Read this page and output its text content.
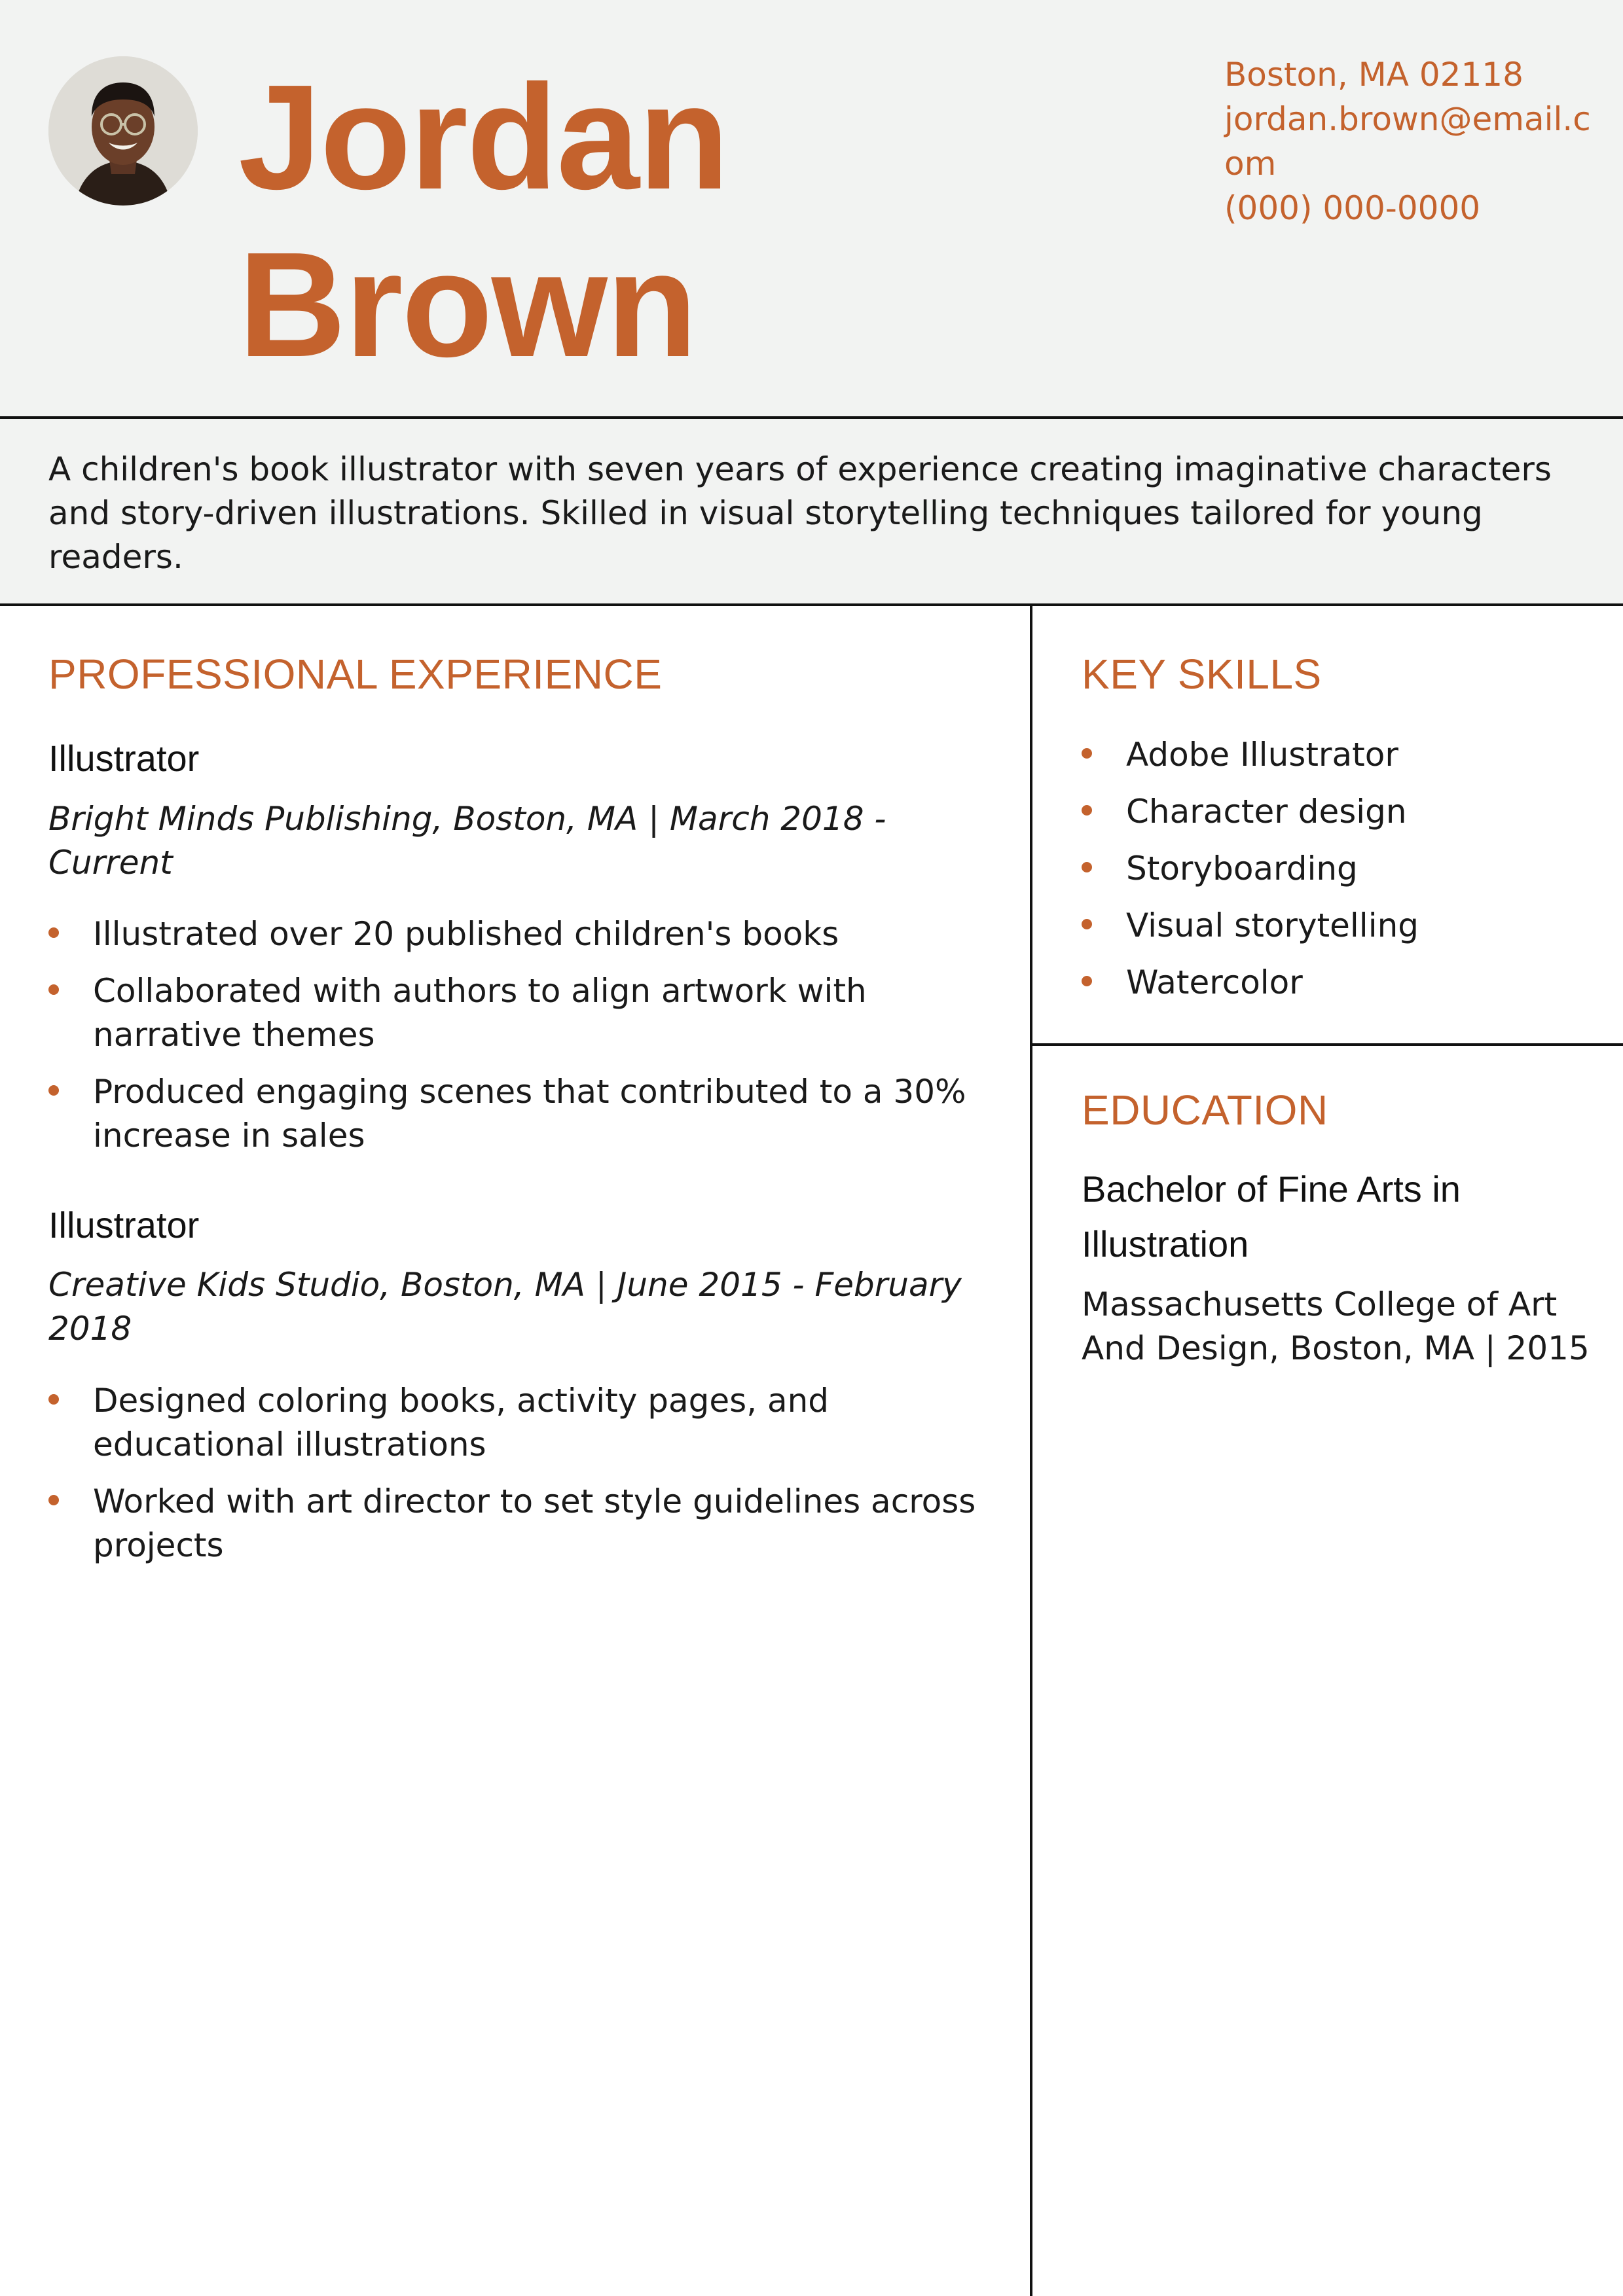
Jordan
Brown
Boston, MA 02118
jordan.brown@email.com
(000) 000-0000

A children's book illustrator with seven years of experience creating imaginative characters and story-driven illustrations. Skilled in visual storytelling techniques tailored for young readers.

PROFESSIONAL EXPERIENCE
Illustrator
Bright Minds Publishing, Boston, MA | March 2018 - Current
Illustrated over 20 published children's books
Collaborated with authors to align artwork with narrative themes
Produced engaging scenes that contributed to a 30% increase in sales
Illustrator
Creative Kids Studio, Boston, MA | June 2015 - February 2018
Designed coloring books, activity pages, and educational illustrations
Worked with art director to set style guidelines across projects
KEY SKILLS
Adobe Illustrator
Character design
Storyboarding
Visual storytelling
Watercolor
EDUCATION
Bachelor of Fine Arts in Illustration
Massachusetts College of Art And Design, Boston, MA | 2015
